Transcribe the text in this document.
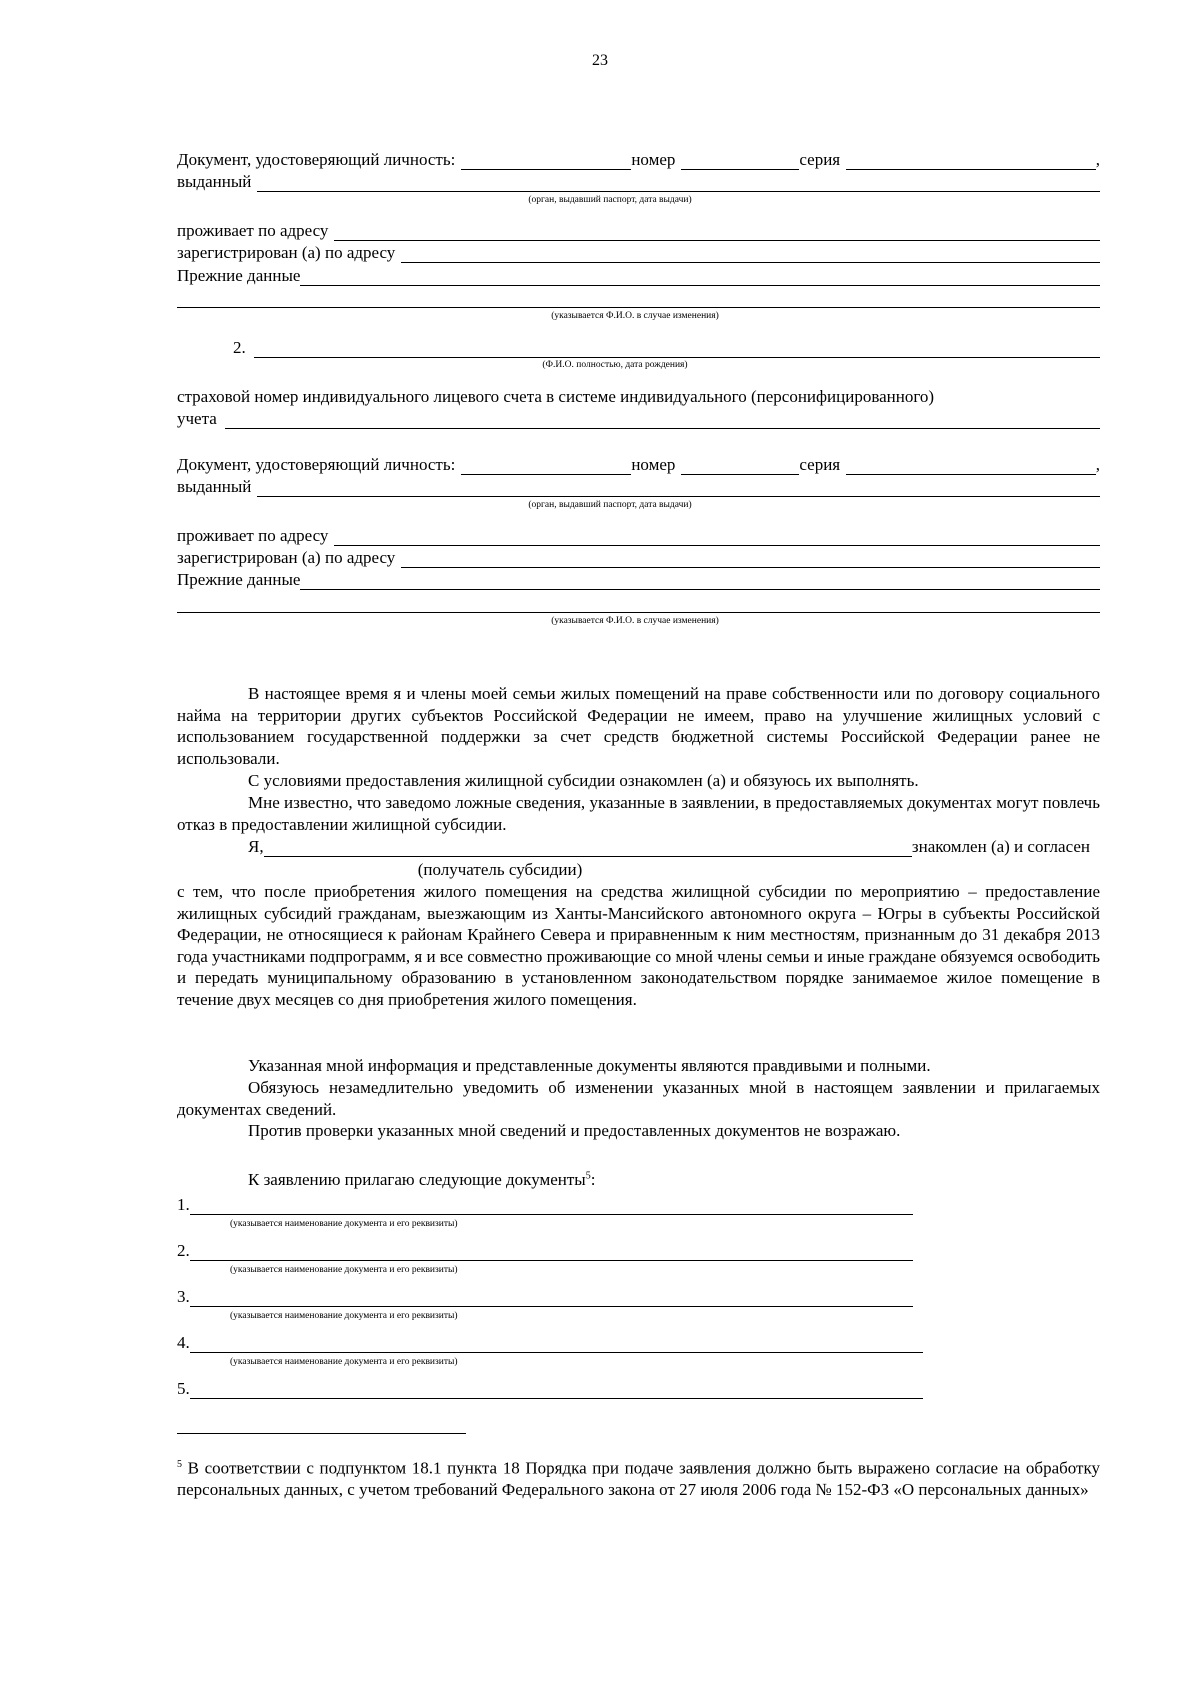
23
Документ, удостоверяющий личность:	номер	серия	,
выданный
(орган, выдавший паспорт, дата выдачи)
проживает по адресу
зарегистрирован (а) по адресу
Прежние данные
(указывается Ф.И.О. в случае изменения)
2.
(Ф.И.О. полностью, дата рождения)
страховой номер индивидуального лицевого счета в системе индивидуального (персонифицированного)
учета
Документ, удостоверяющий личность:	номер	серия	,
выданный
(орган, выдавший паспорт, дата выдачи)
проживает по адресу
зарегистрирован (а) по адресу
Прежние данные
(указывается Ф.И.О. в случае изменения)
В настоящее время я и члены моей семьи жилых помещений на праве собственности или по договору социального найма на территории других субъектов Российской Федерации не имеем, право на улучшение жилищных условий с использованием государственной поддержки за счет средств бюджетной системы Российской Федерации ранее не использовали.
С условиями предоставления жилищной субсидии ознакомлен (а) и обязуюсь их выполнять.
Мне известно, что заведомо ложные сведения, указанные в заявлении, в предоставляемых документах могут повлечь отказ в предоставлении жилищной субсидии.
Я,	знакомлен (а) и согласен
(получатель субсидии)
с тем, что после приобретения жилого помещения на средства жилищной субсидии по мероприятию – предоставление жилищных субсидий гражданам, выезжающим из Ханты-Мансийского автономного округа – Югры в субъекты Российской Федерации, не относящиеся к районам Крайнего Севера и приравненным к ним местностям, признанным до 31 декабря 2013 года участниками подпрограмм, я и все совместно проживающие со мной члены семьи и иные граждане обязуемся освободить и передать муниципальному образованию в установленном законодательством порядке занимаемое жилое помещение в течение двух месяцев со дня приобретения жилого помещения.
Указанная мной информация и представленные документы являются правдивыми и полными.
Обязуюсь незамедлительно уведомить об изменении указанных мной в настоящем заявлении и прилагаемых документах сведений.
Против проверки указанных мной сведений и предоставленных документов не возражаю.
К заявлению прилагаю следующие документы$^5$:
1.
(указывается наименование документа и его реквизиты)
2.
(указывается наименование документа и его реквизиты)
3.
(указывается наименование документа и его реквизиты)
4.
(указывается наименование документа и его реквизиты)
5.
$^5$ В соответствии с подпунктом 18.1 пункта 18 Порядка при подаче заявления должно быть выражено согласие на обработку персональных данных, с учетом требований Федерального закона от 27 июля 2006 года № 152-ФЗ «О персональных данных»
